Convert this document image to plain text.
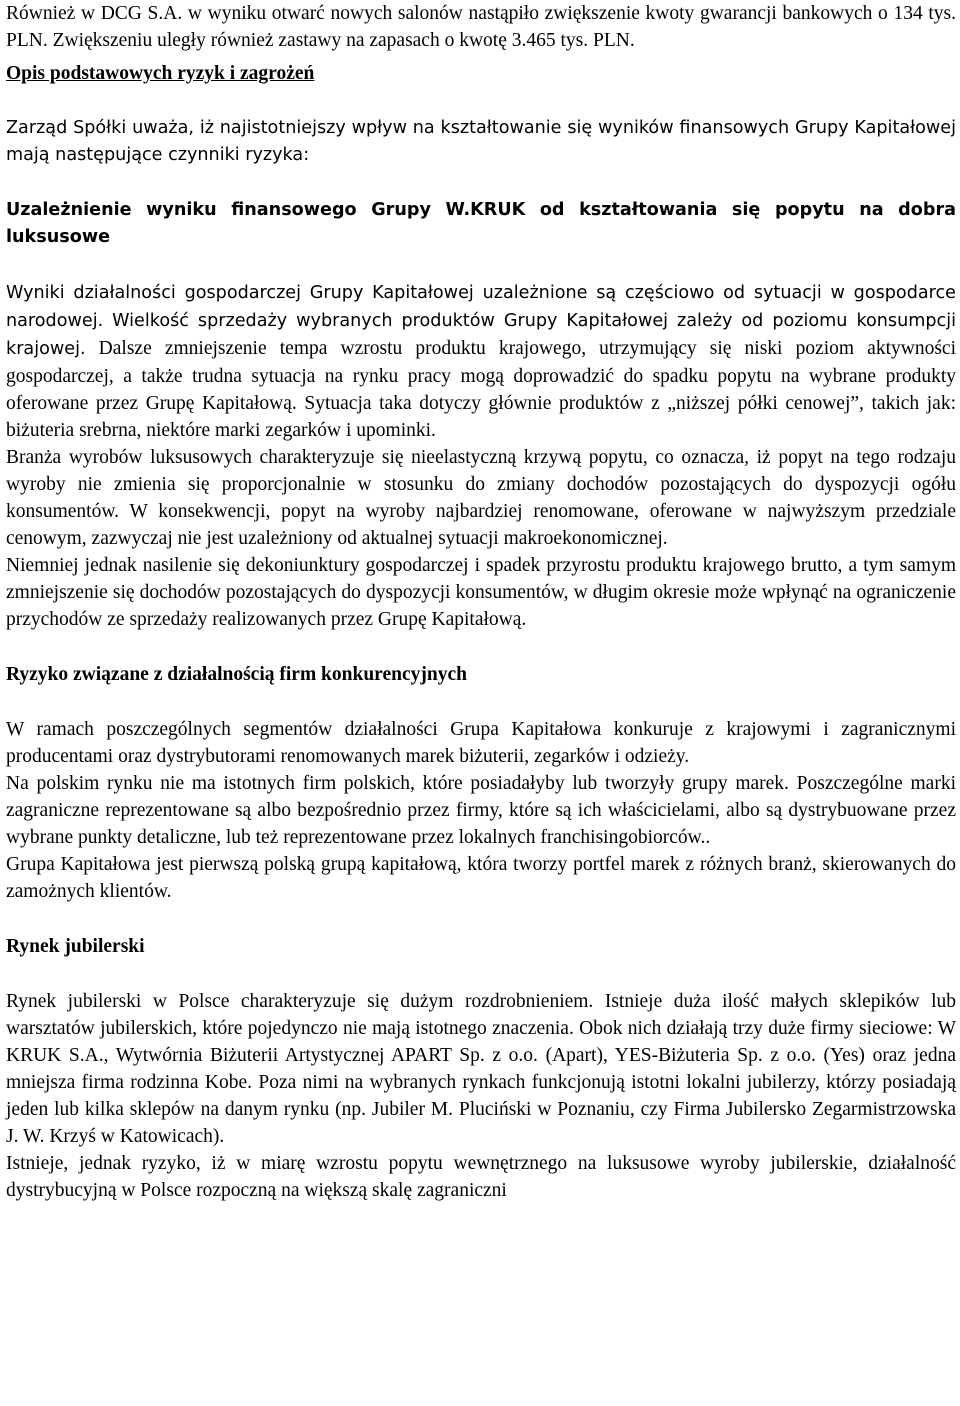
Również w DCG S.A. w wyniku otwarć nowych salonów nastąpiło zwiększenie kwoty gwarancji bankowych o 134 tys. PLN. Zwiększeniu uległy również zastawy na zapasach o kwotę 3.465 tys. PLN.

Opis podstawowych ryzyk i zagrożeń

Zarząd Spółki uważa, iż najistotniejszy wpływ na kształtowanie się wyników finansowych Grupy Kapitałowej mają następujące czynniki ryzyka:

Uzależnienie wyniku finansowego Grupy W.KRUK od kształtowania się popytu na dobra luksusowe

Wyniki działalności gospodarczej Grupy Kapitałowej uzależnione są częściowo od sytuacji w gospodarce narodowej. Wielkość sprzedaży wybranych produktów Grupy Kapitałowej zależy od poziomu konsumpcji krajowej. Dalsze zmniejszenie tempa wzrostu produktu krajowego, utrzymujący się niski poziom aktywności gospodarczej, a także trudna sytuacja na rynku pracy mogą doprowadzić do spadku popytu na wybrane produkty oferowane przez Grupę Kapitałową. Sytuacja taka dotyczy głównie produktów z „niższej półki cenowej”, takich jak: biżuteria srebrna, niektóre marki zegarków i upominki.

Branża wyrobów luksusowych charakteryzuje się nieelastyczną krzywą popytu, co oznacza, iż popyt na tego rodzaju wyroby nie zmienia się proporcjonalnie w stosunku do zmiany dochodów pozostających do dyspozycji ogółu konsumentów. W konsekwencji, popyt na wyroby najbardziej renomowane, oferowane w najwyższym przedziale cenowym, zazwyczaj nie jest uzależniony od aktualnej sytuacji makroekonomicznej.

Niemniej jednak nasilenie się dekoniunktury gospodarczej i spadek przyrostu produktu krajowego brutto, a tym samym zmniejszenie się dochodów pozostających do dyspozycji konsumentów, w długim okresie może wpłynąć na ograniczenie przychodów ze sprzedaży realizowanych przez Grupę Kapitałową.

Ryzyko związane z działalnością firm konkurencyjnych

W ramach poszczególnych segmentów działalności Grupa Kapitałowa konkuruje z krajowymi i zagranicznymi producentami oraz dystrybutorami renomowanych marek biżuterii, zegarków i odzieży.

Na polskim rynku nie ma istotnych firm polskich, które posiadałyby lub tworzyły grupy marek. Poszczególne marki zagraniczne reprezentowane są albo bezpośrednio przez firmy, które są ich właścicielami, albo są dystrybuowane przez wybrane punkty detaliczne, lub też reprezentowane przez lokalnych franchisingobiorców..

Grupa Kapitałowa jest pierwszą polską grupą kapitałową, która tworzy portfel marek z różnych branż, skierowanych do zamożnych klientów.

Rynek jubilerski

Rynek jubilerski w Polsce charakteryzuje się dużym rozdrobnieniem. Istnieje duża ilość małych sklepików lub warsztatów jubilerskich, które pojedynczo nie mają istotnego znaczenia. Obok nich działają trzy duże firmy sieciowe: W KRUK S.A., Wytwórnia Biżuterii Artystycznej APART Sp. z o.o. (Apart), YES-Biżuteria Sp. z o.o. (Yes) oraz jedna mniejsza firma rodzinna Kobe. Poza nimi na wybranych rynkach funkcjonują istotni lokalni jubilerzy, którzy posiadają jeden lub kilka sklepów na danym rynku (np. Jubiler M. Pluciński w Poznaniu, czy Firma Jubilersko Zegarmistrzowska J. W. Krzyś w Katowicach).

Istnieje, jednak ryzyko, iż w miarę wzrostu popytu wewnętrznego na luksusowe wyroby jubilerskie, działalność dystrybucyjną w Polsce rozpoczną na większą skalę zagraniczni
